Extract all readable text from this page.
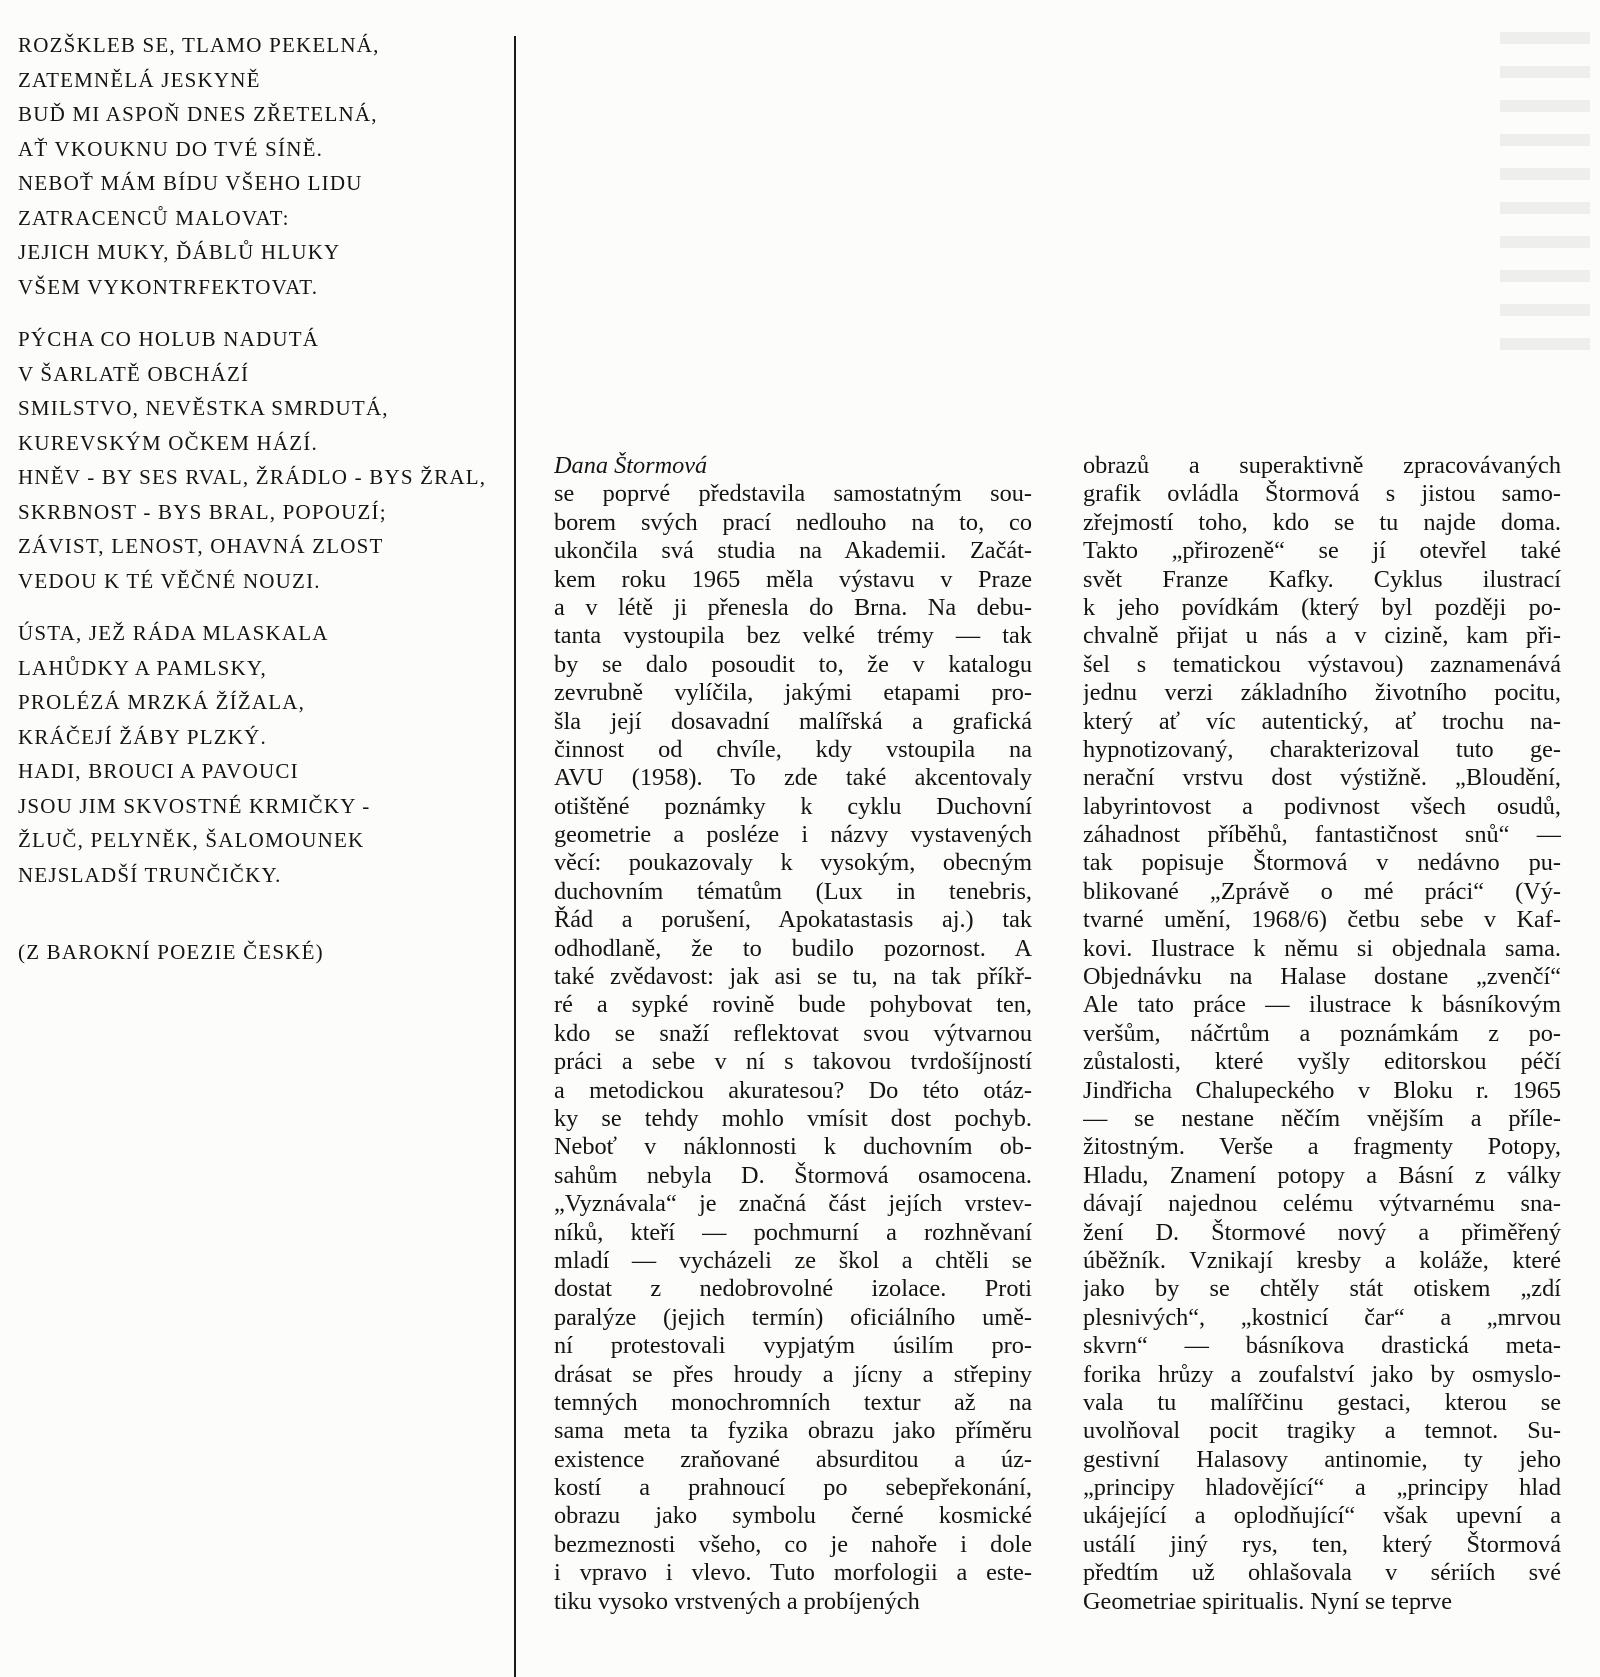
ROZŠKLEB SE, TLAMO PEKELNÁ,
ZATEMNĚLÁ JESKYNĚ
BUĎ MI ASPOŇ DNES ZŘETELNÁ,
AŤ VKOUKNU DO TVÉ SÍNĚ.
NEBOŤ MÁM BÍDU VŠEHO LIDU
ZATRACENCŮ MALOVAT:
JEJICH MUKY, ĎÁBLŮ HLUKY
VŠEM VYKONTRFEKTOVAT.
PÝCHA CO HOLUB NADUTÁ
V ŠARLATĚ OBCHÁZÍ
SMILSTVO, NEVĚSTKA SMRDUTÁ,
KUREVSKÝM OČKEM HÁZÍ.
HNĚV - BY SES RVAL, ŽRÁDLO - BYS ŽRAL,
SKRBNOST - BYS BRAL, POPOUZÍ;
ZÁVIST, LENOST, OHAVNÁ ZLOST
VEDOU K TÉ VĚČNÉ NOUZI.
ÚSTA, JEŽ RÁDA MLASKALA
LAHŮDKY A PAMLSKY,
PROLÉZÁ MRZKÁ ŽÍŽALA,
KRÁČEJÍ ŽÁBY PLZKÝ.
HADI, BROUCI A PAVOUCI
JSOU JIM SKVOSTNÉ KRMIČKY -
ŽLUČ, PELYNĚK, ŠALOMOUNEK
NEJSLADŠÍ TRUNČIČKY.
(Z BAROKNÍ POEZIE ČESKÉ)
Dana Štormová
se poprvé představila samostatným sou-
borem svých prací nedlouho na to, co
ukončila svá studia na Akademii. Začát-
kem roku 1965 měla výstavu v Praze
a v létě ji přenesla do Brna. Na debu-
tanta vystoupila bez velké trémy — tak
by se dalo posoudit to, že v katalogu
zevrubně vylíčila, jakými etapami pro-
šla její dosavadní malířská a grafická
činnost od chvíle, kdy vstoupila na
AVU (1958). To zde také akcentovaly
otištěné poznámky k cyklu Duchovní
geometrie a posléze i názvy vystavených
věcí: poukazovaly k vysokým, obecným
duchovním tématům (Lux in tenebris,
Řád a porušení, Apokatastasis aj.) tak
odhodlaně, že to budilo pozornost. A
také zvědavost: jak asi se tu, na tak příkř-
ré a sypké rovině bude pohybovat ten,
kdo se snaží reflektovat svou výtvarnou
práci a sebe v ní s takovou tvrdošíjností
a metodickou akuratesou? Do této otáz-
ky se tehdy mohlo vmísit dost pochyb.
Neboť v náklonnosti k duchovním ob-
sahům nebyla D. Štormová osamocena.
„Vyznávala“ je značná část jejích vrstev-
níků, kteří — pochmurní a rozhněvaní
mladí — vycházeli ze škol a chtěli se
dostat z nedobrovolné izolace. Proti
paralýze (jejich termín) oficiálního umě-
ní protestovali vypjatým úsilím pro-
drásat se přes hroudy a jícny a střepiny
temných monochromních textur až na
sama meta ta fyzika obrazu jako příměru
existence zraňované absurditou a úz-
kostí a prahnoucí po sebepřekonání,
obrazu jako symbolu černé kosmické
bezmeznosti všeho, co je nahoře i dole
i vpravo i vlevo. Tuto morfologii a este-
tiku vysoko vrstvených a probíjených
obrazů a superaktivně zpracovávaných
grafik ovládla Štormová s jistou samo-
zřejmostí toho, kdo se tu najde doma.
Takto „přirozeně“ se jí otevřel také
svět Franze Kafky. Cyklus ilustrací
k jeho povídkám (který byl později po-
chvalně přijat u nás a v cizině, kam při-
šel s tematickou výstavou) zaznamenává
jednu verzi základního životního pocitu,
který ať víc autentický, ať trochu na-
hypnotizovaný, charakterizoval tuto ge-
nerační vrstvu dost výstižně. „Bloudění,
labyrintovost a podivnost všech osudů,
záhadnost příběhů, fantastičnost snů“ —
tak popisuje Štormová v nedávno pu-
blikované „Zprávě o mé práci“ (Vý-
tvarné umění, 1968/6) četbu sebe v Kaf-
kovi. Ilustrace k němu si objednala sama.
Objednávku na Halase dostane „zvenčí“
Ale tato práce — ilustrace k básníkovým
veršům, náčrtům a poznámkám z po-
zůstalosti, které vyšly editorskou péčí
Jindřicha Chalupeckého v Bloku r. 1965
— se nestane něčím vnějším a příle-
žitostným. Verše a fragmenty Potopy,
Hladu, Znamení potopy a Básní z války
dávají najednou celému výtvarnému sna-
žení D. Štormové nový a přiměřený
úběžník. Vznikají kresby a koláže, které
jako by se chtěly stát otiskem „zdí
plesnivých“, „kostnicí čar“ a „mrvou
skvrn“ — básníkova drastická meta-
forika hrůzy a zoufalství jako by osmyslo-
vala tu malířčinu gestaci, kterou se
uvolňoval pocit tragiky a temnot. Su-
gestivní Halasovy antinomie, ty jeho
„principy hladovějící“ a „principy hlad
ukájející a oplodňující“ však upevní a
ustálí jiný rys, ten, který Štormová
předtím už ohlašovala v sériích své
Geometriae spiritualis. Nyní se teprve
